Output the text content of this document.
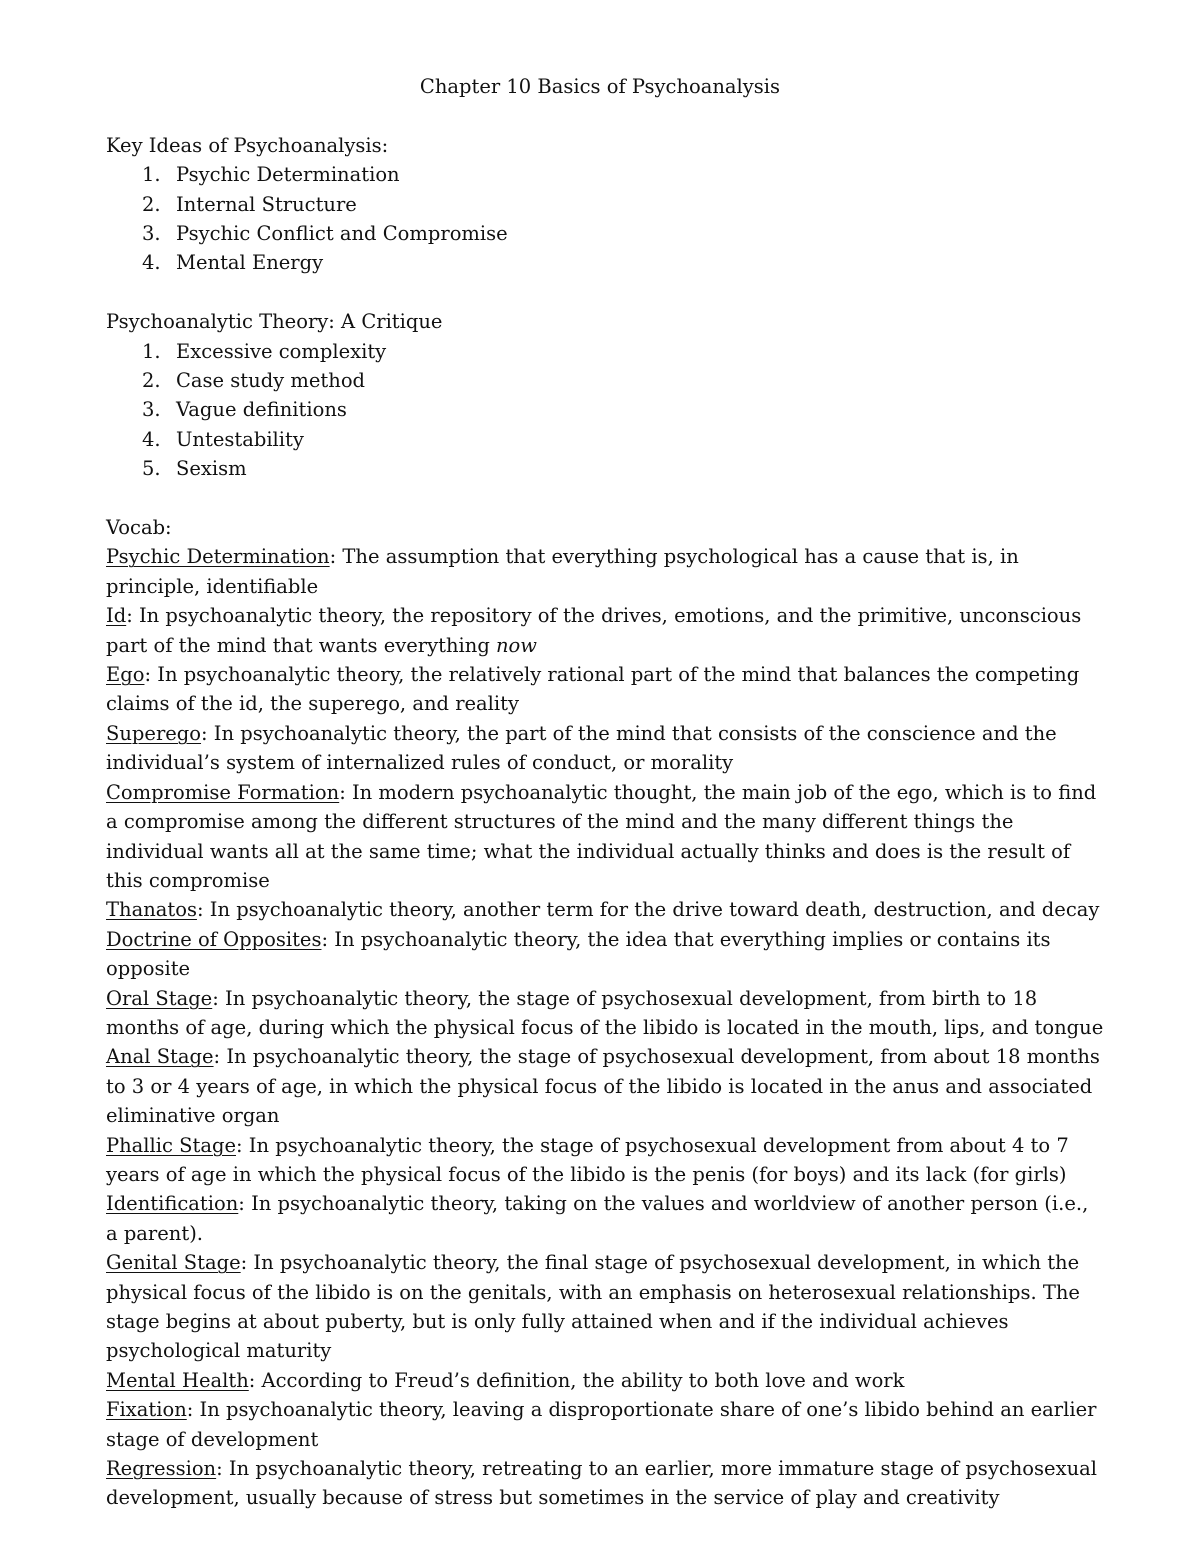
Chapter 10 Basics of Psychoanalysis

Key Ideas of Psychoanalysis:

1. Psychic Determination
2. Internal Structure
3. Psychic Conflict and Compromise
4. Mental Energy

Psychoanalytic Theory: A Critique

1. Excessive complexity
2. Case study method
3. Vague definitions
4. Untestability
5. Sexism

Vocab:

Psychic Determination: The assumption that everything psychological has a cause that is, in principle, identifiable

Id: In psychoanalytic theory, the repository of the drives, emotions, and the primitive, unconscious part of the mind that wants everything now

Ego: In psychoanalytic theory, the relatively rational part of the mind that balances the competing claims of the id, the superego, and reality

Superego: In psychoanalytic theory, the part of the mind that consists of the conscience and the individual’s system of internalized rules of conduct, or morality

Compromise Formation: In modern psychoanalytic thought, the main job of the ego, which is to find a compromise among the different structures of the mind and the many different things the individual wants all at the same time; what the individual actually thinks and does is the result of this compromise

Thanatos: In psychoanalytic theory, another term for the drive toward death, destruction, and decay

Doctrine of Opposites: In psychoanalytic theory, the idea that everything implies or contains its opposite

Oral Stage: In psychoanalytic theory, the stage of psychosexual development, from birth to 18 months of age, during which the physical focus of the libido is located in the mouth, lips, and tongue

Anal Stage: In psychoanalytic theory, the stage of psychosexual development, from about 18 months to 3 or 4 years of age, in which the physical focus of the libido is located in the anus and associated eliminative organ

Phallic Stage: In psychoanalytic theory, the stage of psychosexual development from about 4 to 7 years of age in which the physical focus of the libido is the penis (for boys) and its lack (for girls)

Identification: In psychoanalytic theory, taking on the values and worldview of another person (i.e., a parent).

Genital Stage: In psychoanalytic theory, the final stage of psychosexual development, in which the physical focus of the libido is on the genitals, with an emphasis on heterosexual relationships. The stage begins at about puberty, but is only fully attained when and if the individual achieves psychological maturity

Mental Health: According to Freud’s definition, the ability to both love and work

Fixation: In psychoanalytic theory, leaving a disproportionate share of one’s libido behind an earlier stage of development

Regression: In psychoanalytic theory, retreating to an earlier, more immature stage of psychosexual development, usually because of stress but sometimes in the service of play and creativity
